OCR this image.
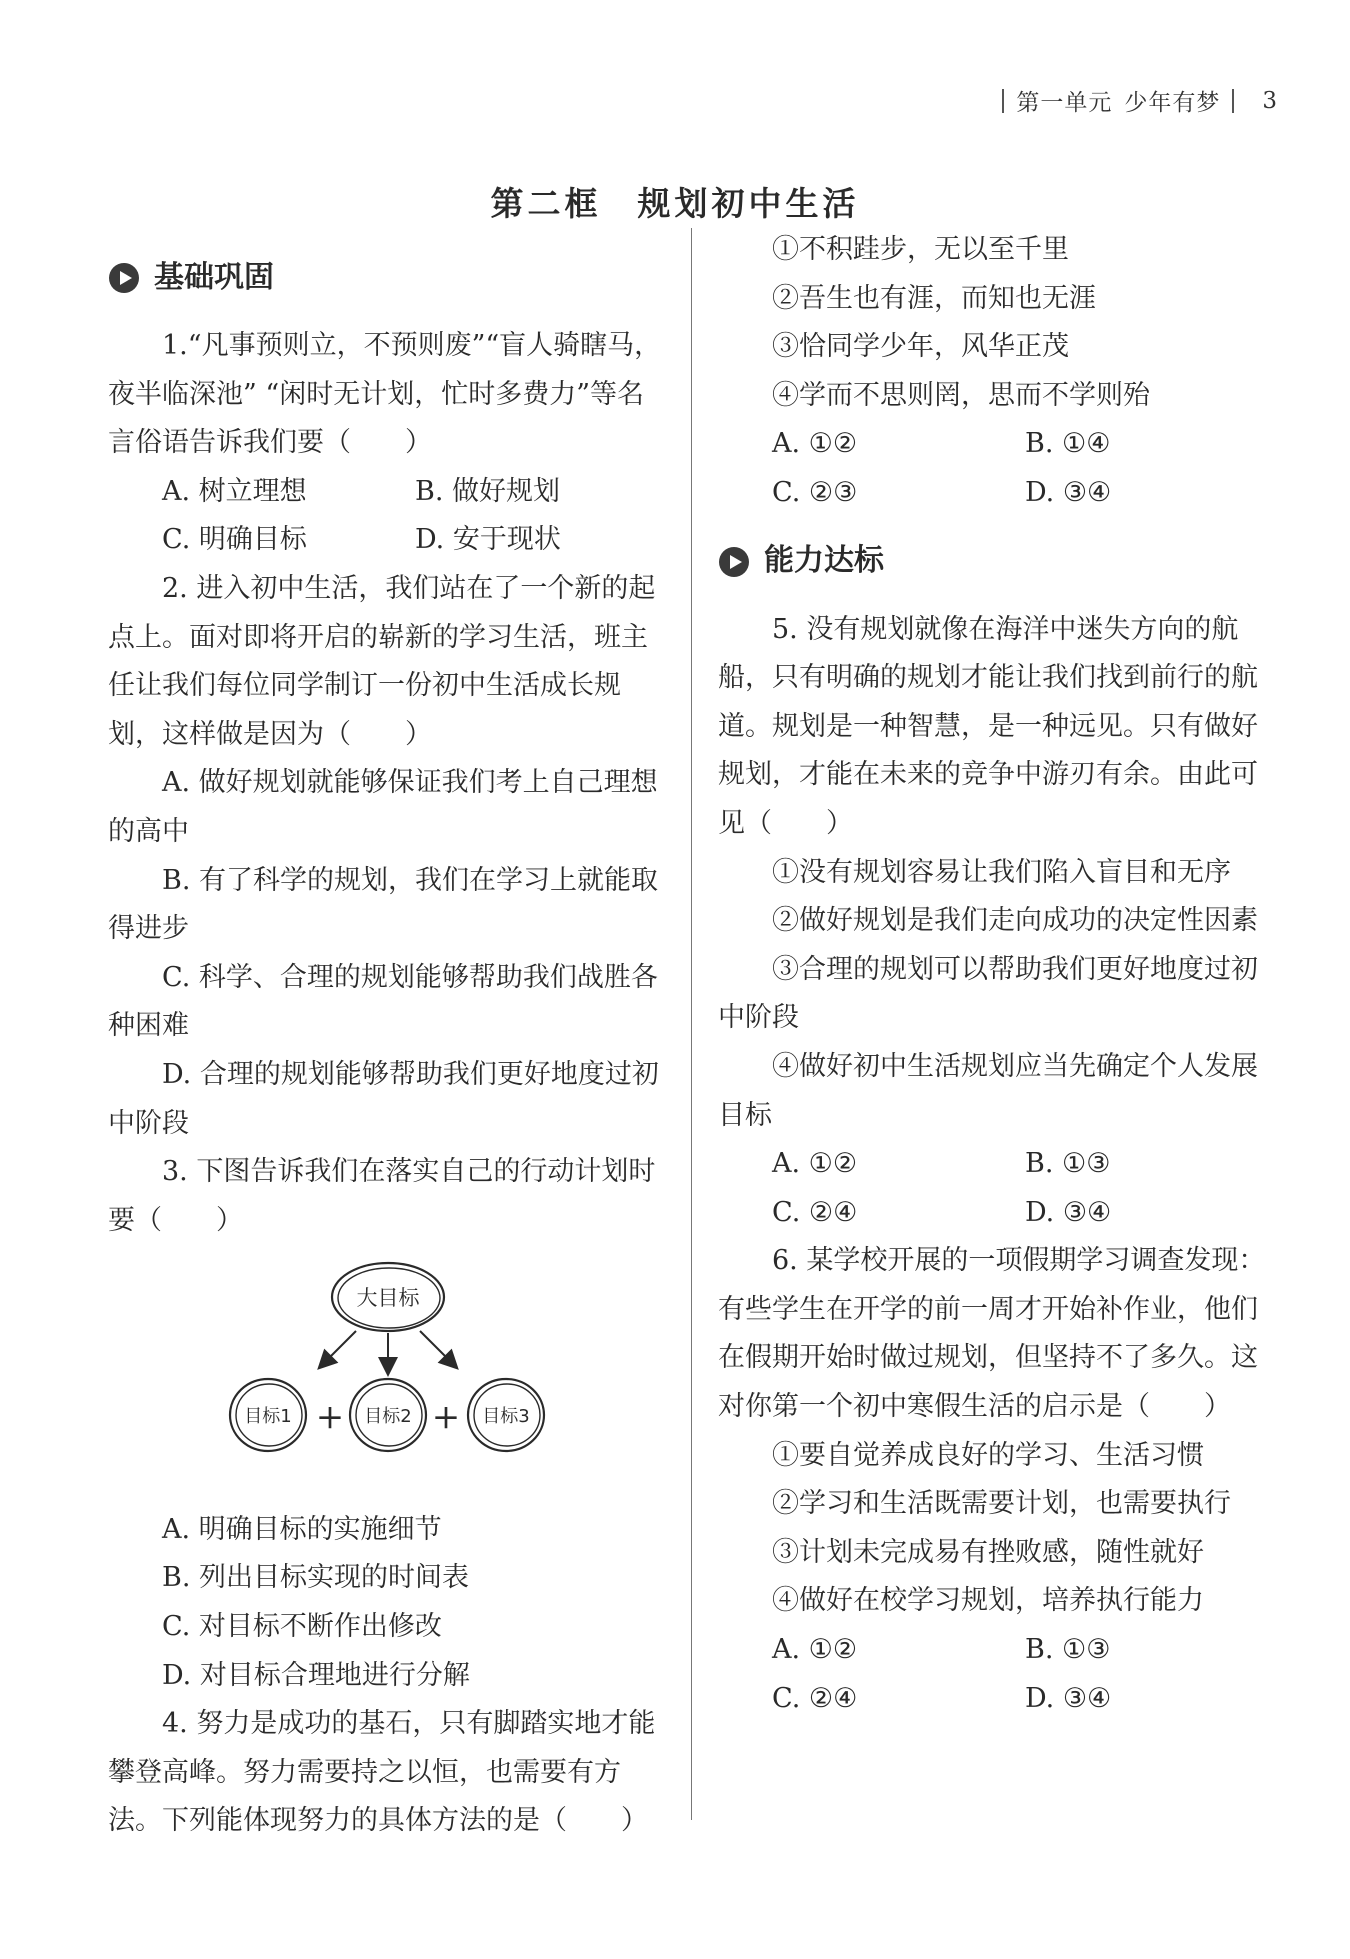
第一单元 少年有梦 3
第二框 规划初中生活
基础巩固

1.“凡事预则立，不预则废”“盲人骑瞎马，夜半临深池” “闲时无计划，忙时多费力”等名言俗语告诉我们要（　　）

A. 树立理想	B. 做好规划
C. 明确目标	D. 安于现状

2. 进入初中生活，我们站在了一个新的起点上。面对即将开启的崭新的学习生活，班主任让我们每位同学制订一份初中生活成长规划，这样做是因为（　　）

A. 做好规划就能够保证我们考上自己理想的高中

B. 有了科学的规划，我们在学习上就能取得进步

C. 科学、合理的规划能够帮助我们战胜各种困难

D. 合理的规划能够帮助我们更好地度过初中阶段

3. 下图告诉我们在落实自己的行动计划时要（　　）

大目标
目标1 + 目标2 + 目标3

A. 明确目标的实施细节

B. 列出目标实现的时间表

C. 对目标不断作出修改

D. 对目标合理地进行分解

4. 努力是成功的基石，只有脚踏实地才能攀登高峰。努力需要持之以恒，也需要有方法。下列能体现努力的具体方法的是（　　）

①不积跬步，无以至千里

②吾生也有涯，而知也无涯

③恰同学少年，风华正茂

④学而不思则罔，思而不学则殆

A. ①②	B. ①④
C. ②③	D. ③④
能力达标

5. 没有规划就像在海洋中迷失方向的航船，只有明确的规划才能让我们找到前行的航道。规划是一种智慧，是一种远见。只有做好规划，才能在未来的竞争中游刃有余。由此可见（　　）

①没有规划容易让我们陷入盲目和无序

②做好规划是我们走向成功的决定性因素

③合理的规划可以帮助我们更好地度过初中阶段

④做好初中生活规划应当先确定个人发展目标

A. ①②	B. ①③
C. ②④	D. ③④

6. 某学校开展的一项假期学习调查发现：有些学生在开学的前一周才开始补作业，他们在假期开始时做过规划，但坚持不了多久。这对你第一个初中寒假生活的启示是（　　）

①要自觉养成良好的学习、生活习惯

②学习和生活既需要计划，也需要执行

③计划未完成易有挫败感，随性就好

④做好在校学习规划，培养执行能力

A. ①②	B. ①③
C. ②④	D. ③④
